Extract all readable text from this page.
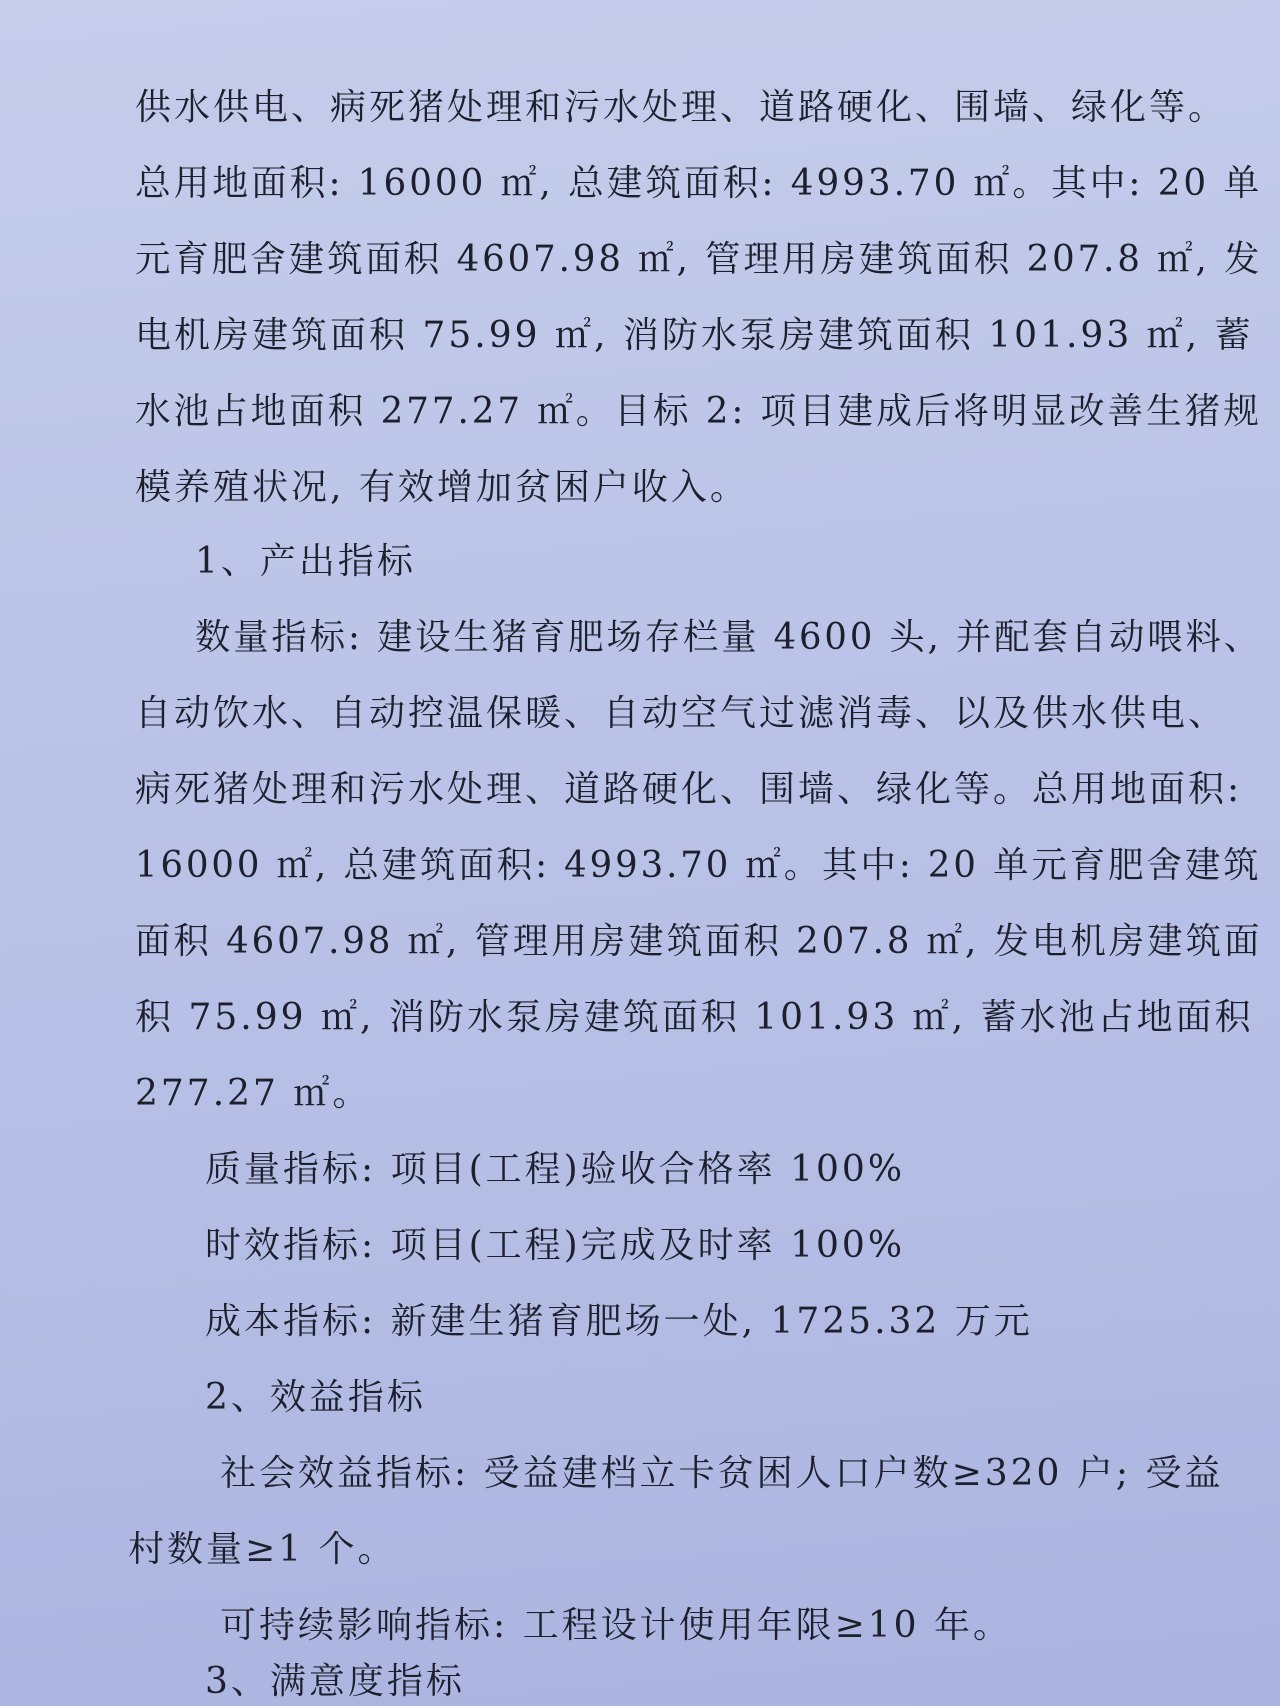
供水供电、病死猪处理和污水处理、道路硬化、围墙、绿化等。
总用地面积: 16000 ㎡, 总建筑面积: 4993.70 ㎡。其中: 20 单
元育肥舍建筑面积 4607.98 ㎡, 管理用房建筑面积 207.8 ㎡, 发
电机房建筑面积 75.99 ㎡, 消防水泵房建筑面积 101.93 ㎡, 蓄
水池占地面积 277.27 ㎡。目标 2: 项目建成后将明显改善生猪规
模养殖状况, 有效增加贫困户收入。
1、产出指标
数量指标: 建设生猪育肥场存栏量 4600 头, 并配套自动喂料、
自动饮水、自动控温保暖、自动空气过滤消毒、以及供水供电、
病死猪处理和污水处理、道路硬化、围墙、绿化等。总用地面积:
16000 ㎡, 总建筑面积: 4993.70 ㎡。其中: 20 单元育肥舍建筑
面积 4607.98 ㎡, 管理用房建筑面积 207.8 ㎡, 发电机房建筑面
积 75.99 ㎡, 消防水泵房建筑面积 101.93 ㎡, 蓄水池占地面积
277.27 ㎡。
质量指标: 项目(工程)验收合格率 100%
时效指标: 项目(工程)完成及时率 100%
成本指标: 新建生猪育肥场一处, 1725.32 万元
2、效益指标
社会效益指标: 受益建档立卡贫困人口户数≥320 户; 受益
村数量≥1 个。
可持续影响指标: 工程设计使用年限≥10 年。
3、满意度指标
